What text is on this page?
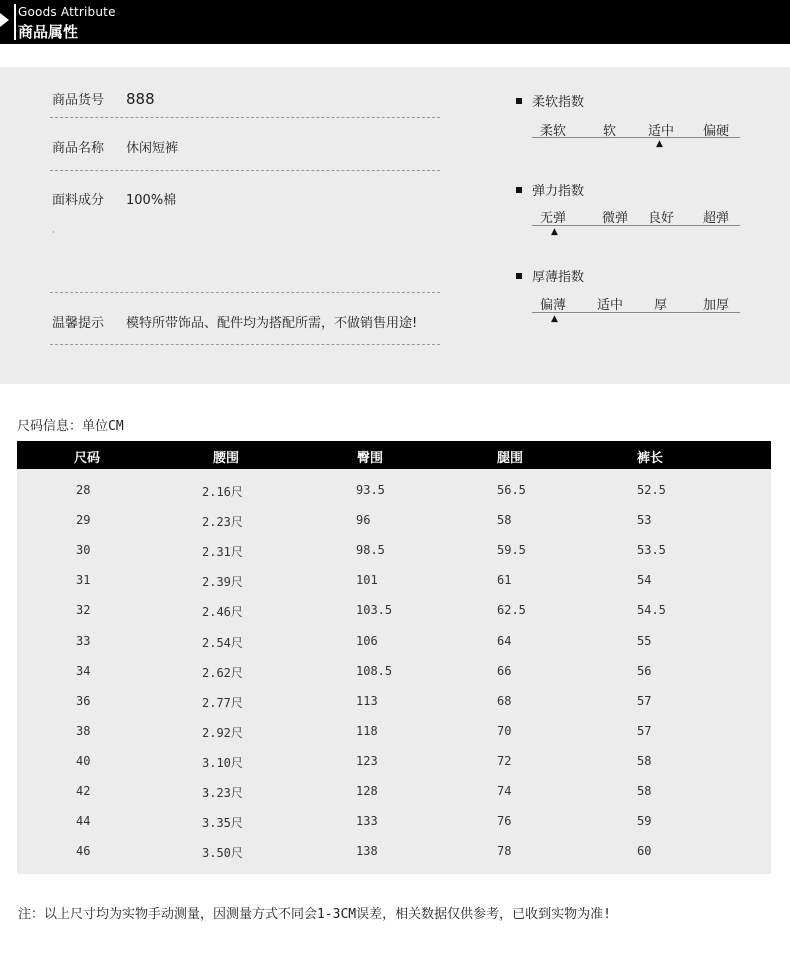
Goods Attribute
商品属性
商品货号 888
商品名称 休闲短裤
面料成分 100%棉
·
温馨提示 模特所带饰品、配件均为搭配所需，不做销售用途!
柔软指数
柔软	软 适中 偏硬
▲
弹力指数
无弹	微弹 良好 超弹
▲
厚薄指数
偏薄 适中 厚	加厚
▲
尺码信息：单位CM
尺码	腰围	臀围	腿围	裤长
28	2.16尺	93.5	56.5	52.5
29	2.23尺	96	58	53
30	2.31尺	98.5	59.5	53.5
31	2.39尺	101	61	54
32	2.46尺	103.5	62.5	54.5
33	2.54尺	106	64	55
34	2.62尺	108.5	66	56
36	2.77尺	113	68	57
38	2.92尺	118	70	57
40	3.10尺	123	72	58
42	3.23尺	128	74	58
44	3.35尺	133	76	59
46	3.50尺	138	78	60
注：以上尺寸均为实物手动测量，因测量方式不同会1-3CM误差，相关数据仅供参考，已收到实物为准!
